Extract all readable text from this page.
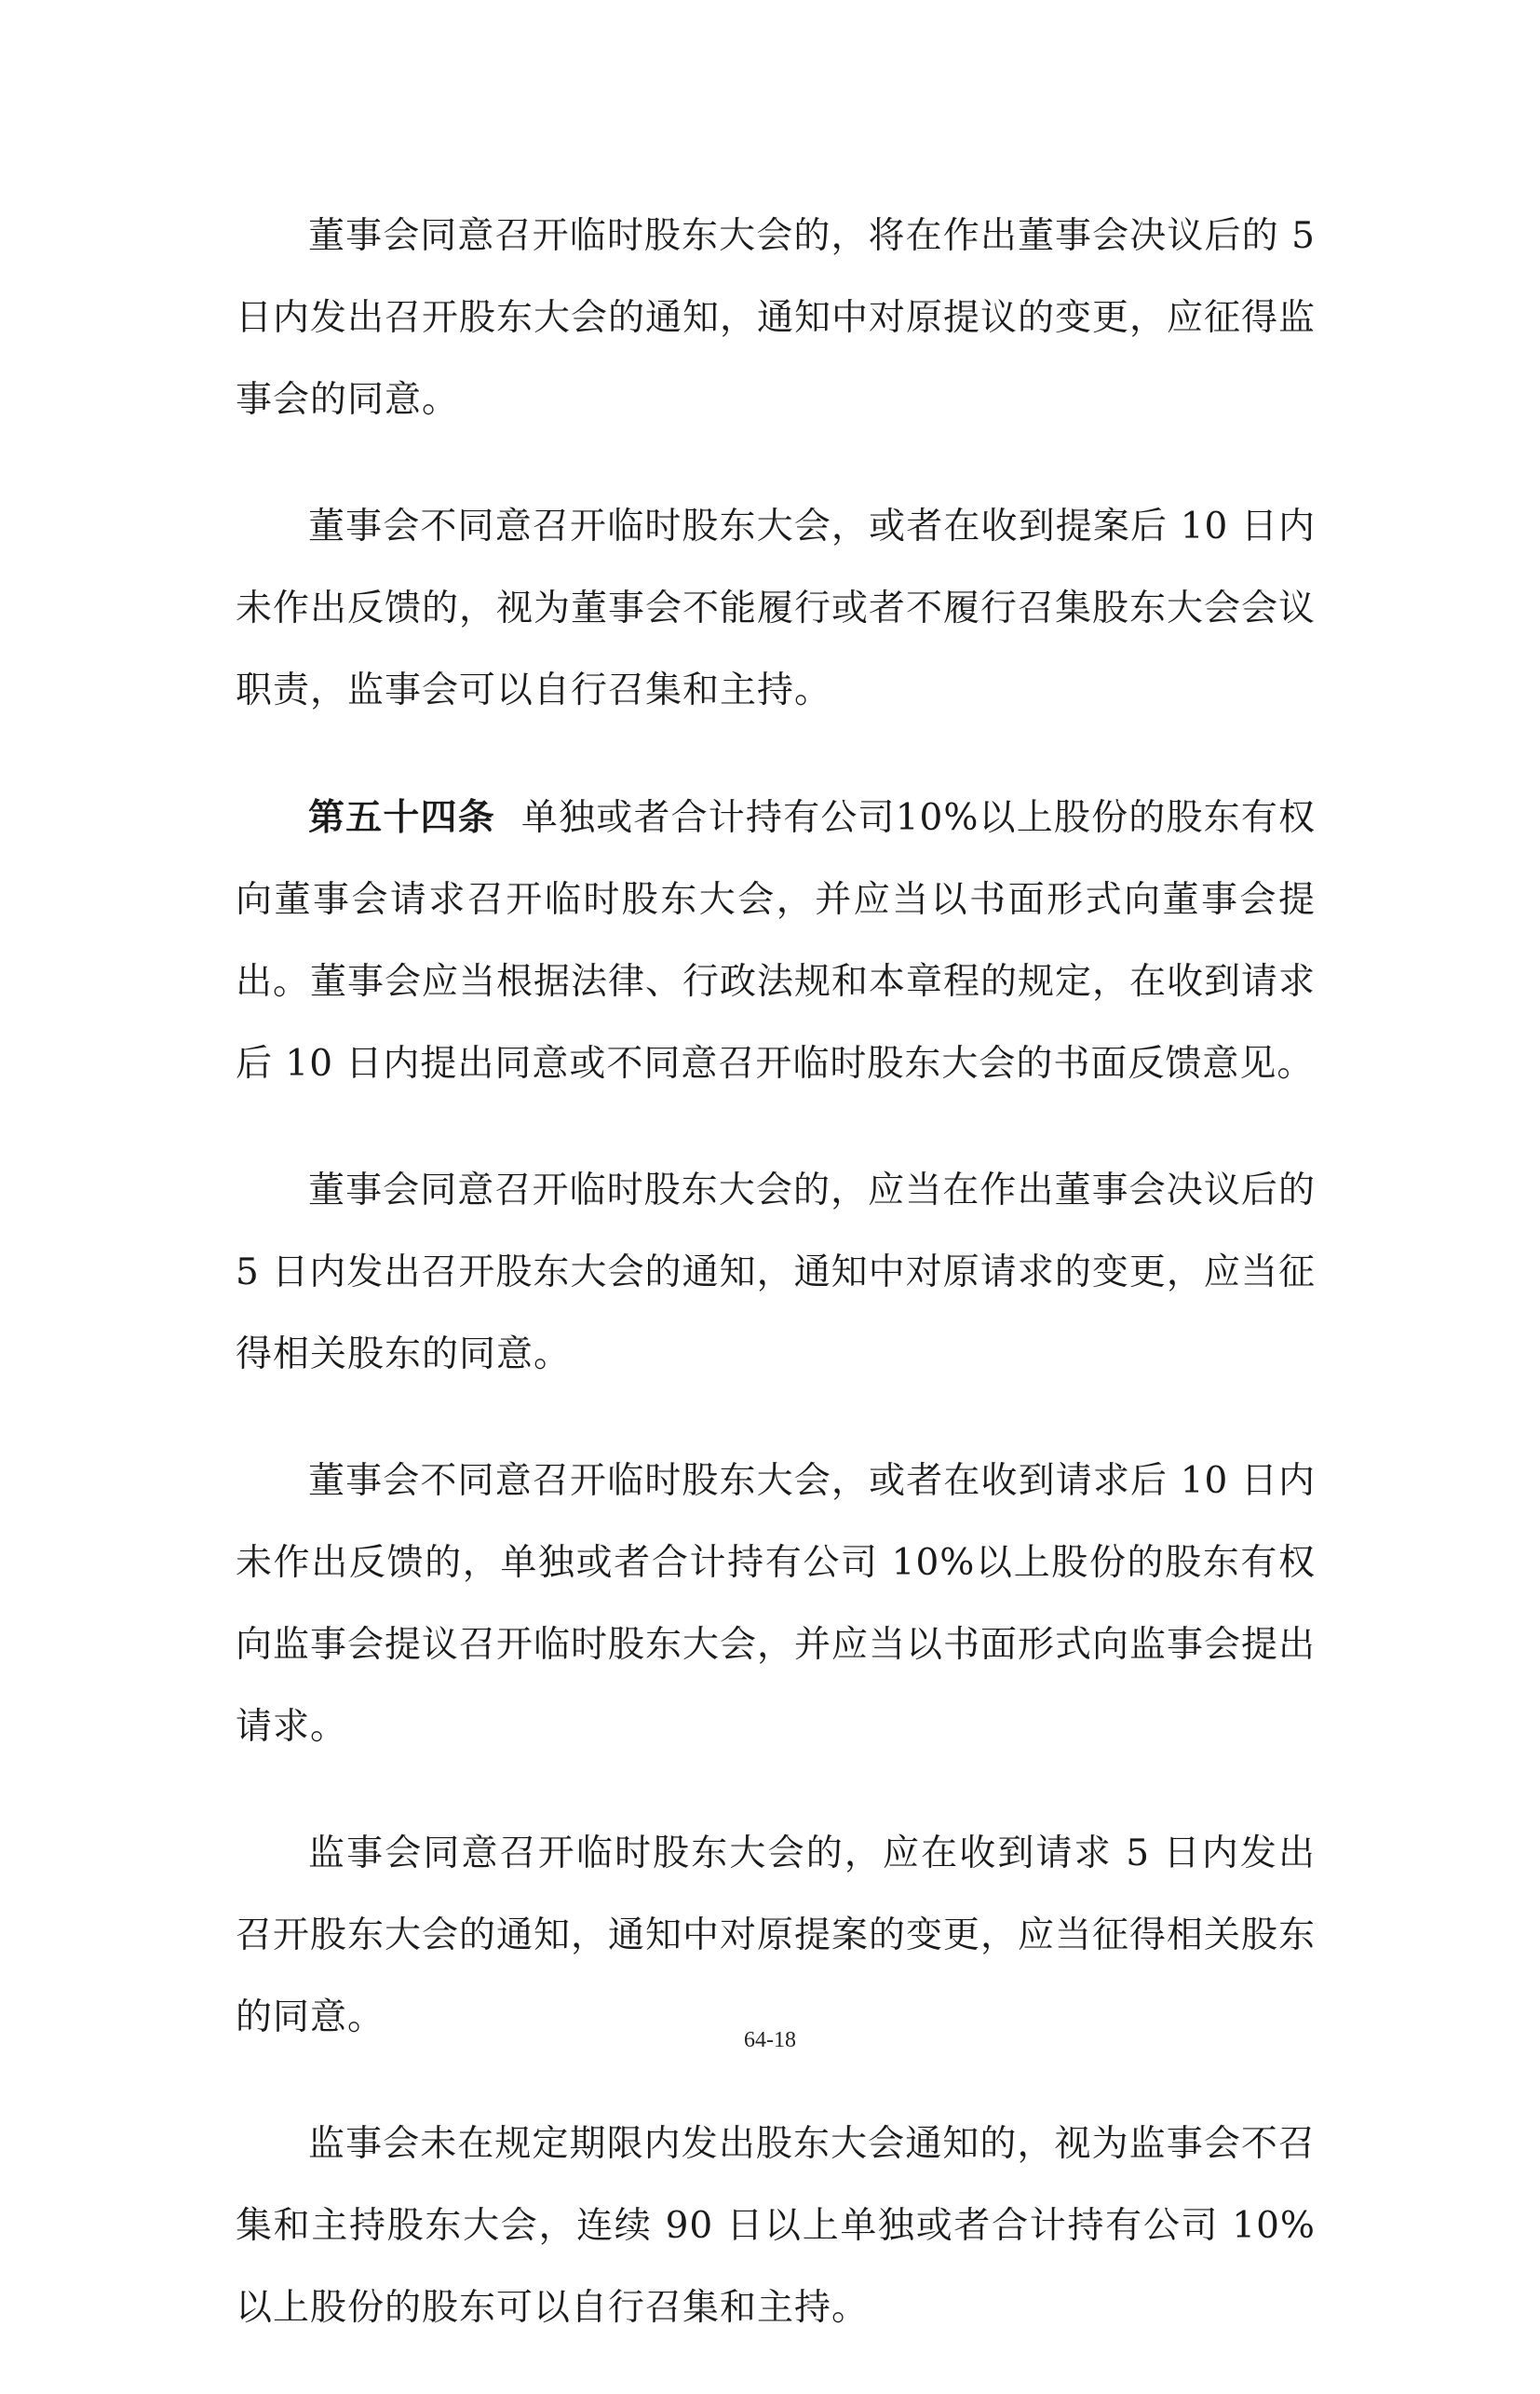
董事会同意召开临时股东大会的，将在作出董事会决议后的 5 日内发出召开股东大会的通知，通知中对原提议的变更，应征得监事会的同意。

董事会不同意召开临时股东大会，或者在收到提案后 10 日内未作出反馈的，视为董事会不能履行或者不履行召集股东大会会议职责，监事会可以自行召集和主持。

第五十四条 单独或者合计持有公司10%以上股份的股东有权向董事会请求召开临时股东大会，并应当以书面形式向董事会提出。董事会应当根据法律、行政法规和本章程的规定，在收到请求后 10 日内提出同意或不同意召开临时股东大会的书面反馈意见。

董事会同意召开临时股东大会的，应当在作出董事会决议后的 5 日内发出召开股东大会的通知，通知中对原请求的变更，应当征得相关股东的同意。

董事会不同意召开临时股东大会，或者在收到请求后 10 日内未作出反馈的，单独或者合计持有公司 10%以上股份的股东有权向监事会提议召开临时股东大会，并应当以书面形式向监事会提出请求。

监事会同意召开临时股东大会的，应在收到请求 5 日内发出召开股东大会的通知，通知中对原提案的变更，应当征得相关股东的同意。

监事会未在规定期限内发出股东大会通知的，视为监事会不召集和主持股东大会，连续 90 日以上单独或者合计持有公司 10%以上股份的股东可以自行召集和主持。

64-18
